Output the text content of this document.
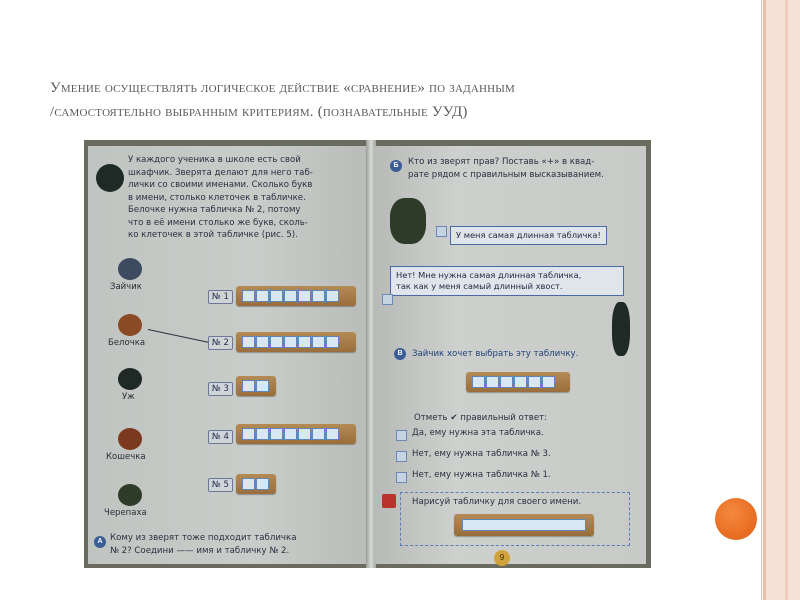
Умение осуществлять логическое действие «сравнение» по заданным
/самостоятельно выбранным критериям. (познавательные УУД)
У каждого ученика в школе есть свой
шкафчик. Зверята делают для него таб-
лички со своими именами. Сколько букв
в имени, столько клеточек в табличке.
Белочке нужна табличка № 2, потому
что в её имени столько же букв, сколь-
ко клеточек в этой табличке (рис. 5).
Зайчик
Белочка
Уж
Кошечка
Черепаха
№ 1
№ 2
№ 3
№ 4
№ 5
А Кому из зверят тоже подходит табличка
№ 2? Соедини —— имя и табличку № 2.
Б	Кто из зверят прав? Поставь «+» в квад-
рате рядом с правильным высказыванием.
У меня самая длинная табличка!
Нет! Мне нужна самая длинная табличка,
так как у меня самый длинный хвост.
В	Зайчик хочет выбрать эту табличку.
Отметь ✔ правильный ответ:
Да, ему нужна эта табличка.
Нет, ему нужна табличка № 3.
Нет, ему нужна табличка № 1.
Нарисуй табличку для своего имени.
9
